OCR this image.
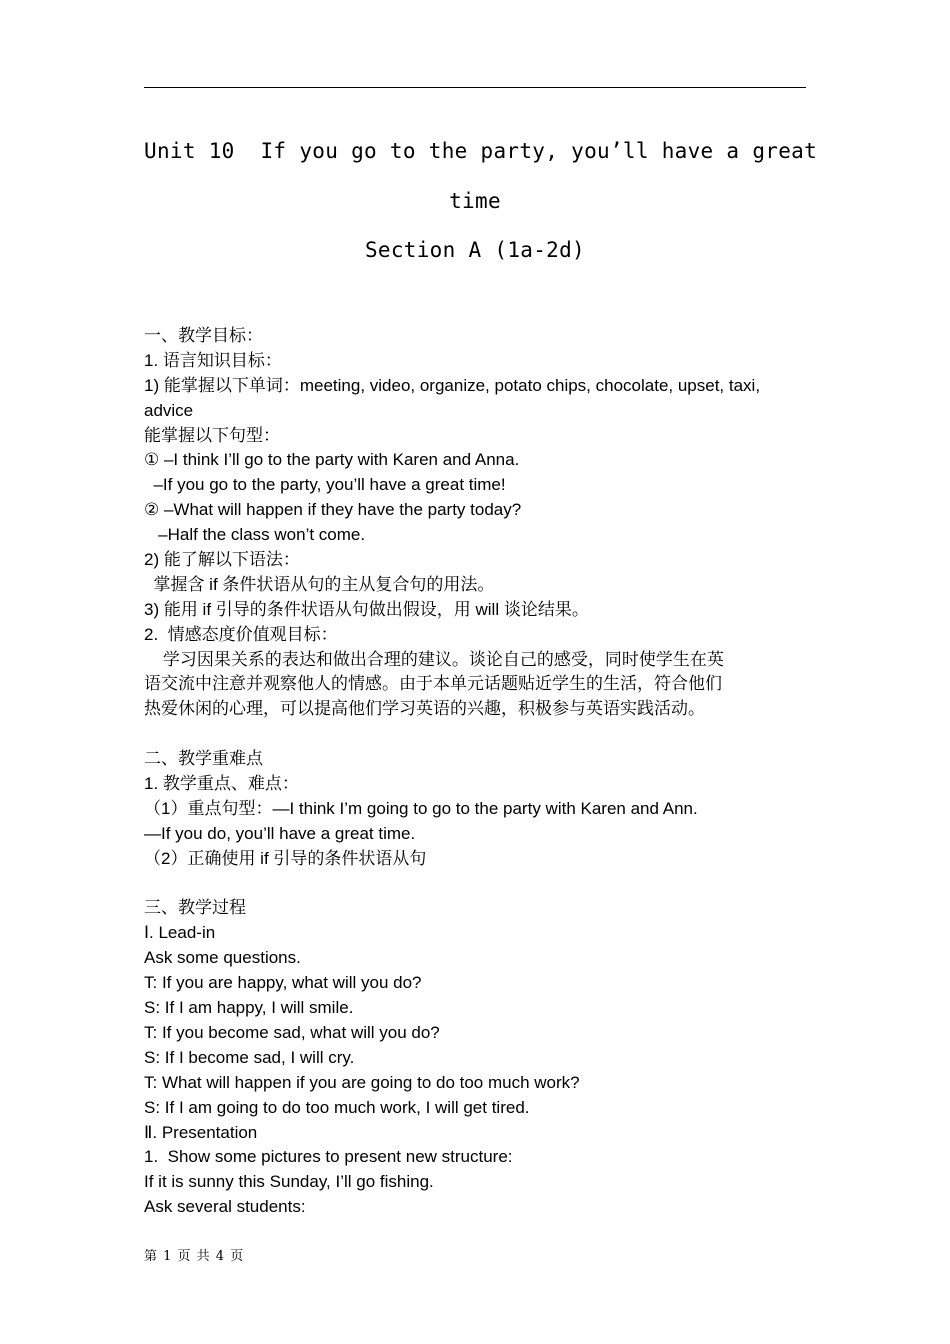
Unit 10  If you go to the party, you’ll have a great
time
Section A (1a-2d)
一、教学目标：
1. 语言知识目标：
1) 能掌握以下单词：meeting, video, organize, potato chips, chocolate, upset, taxi,
advice
能掌握以下句型：
① –I think I’ll go to the party with Karen and Anna.
–If you go to the party, you’ll have a great time!
② –What will happen if they have the party today?
–Half the class won’t come.
2) 能了解以下语法：
掌握含 if 条件状语从句的主从复合句的用法。
3) 能用 if 引导的条件状语从句做出假设，用 will 谈论结果。
2.  情感态度价值观目标：
学习因果关系的表达和做出合理的建议。谈论自己的感受，同时使学生在英
语交流中注意并观察他人的情感。由于本单元话题贴近学生的生活，符合他们
热爱休闲的心理，可以提高他们学习英语的兴趣，积极参与英语实践活动。
二、教学重难点
1. 教学重点、难点：
（1）重点句型：—I think I’m going to go to the party with Karen and Ann.
—If you do, you’ll have a great time.
（2）正确使用 if 引导的条件状语从句
三、教学过程
Ⅰ. Lead-in
Ask some questions.
T: If you are happy, what will you do?
S: If I am happy, I will smile.
T: If you become sad, what will you do?
S: If I become sad, I will cry.
T: What will happen if you are going to do too much work?
S: If I am going to do too much work, I will get tired.
Ⅱ. Presentation
1.  Show some pictures to present new structure:
If it is sunny this Sunday, I’ll go fishing.
Ask several students:
第 1 页 共 4 页
